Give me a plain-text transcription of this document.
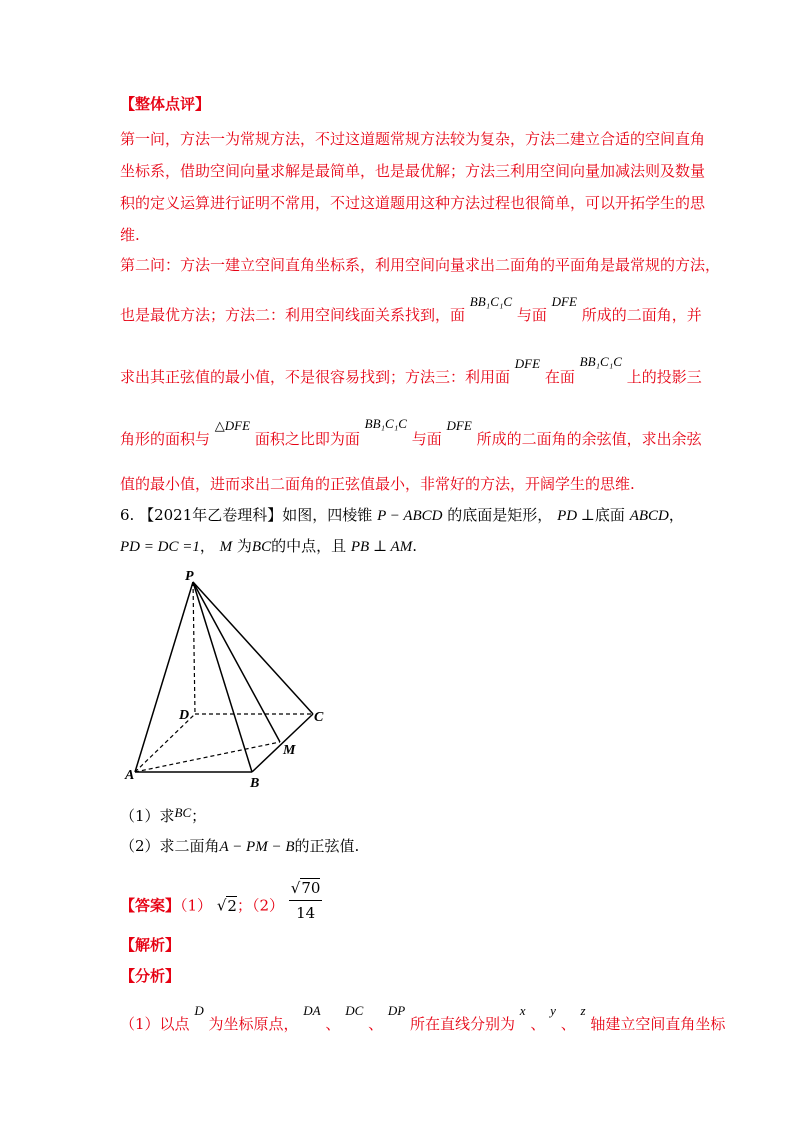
【整体点评】
第一问，方法一为常规方法，不过这道题常规方法较为复杂，方法二建立合适的空间直角
坐标系，借助空间向量求解是最简单，也是最优解；方法三利用空间向量加减法则及数量
积的定义运算进行证明不常用，不过这道题用这种方法过程也很简单，可以开拓学生的思
维.
第二问：方法一建立空间直角坐标系，利用空间向量求出二面角的平面角是最常规的方法，
也是最优方法；方法二：利用空间线面关系找到，面 BB₁C₁C 与面 DFE 所成的二面角，并
求出其正弦值的最小值，不是很容易找到；方法三：利用面 DFE 在面 BB₁C₁C 上的投影三
角形的面积与 △DFE 面积之比即为面 BB₁C₁C 与面 DFE 所成的二面角的余弦值，求出余弦
值的最小值，进而求出二面角的正弦值最小，非常好的方法，开阔学生的思维.
6. 【2021年乙卷理科】如图，四棱锥 P − ABCD 的底面是矩形， PD ⊥底面 ABCD，
PD = DC =1， M 为BC的中点，且 PB ⊥ AM.
P
D	C
M
A
B
（1）求BC；
（2）求二面角A − PM − B的正弦值.
【答案】（1） √2；$(2) \frac{√70}{14}$
【解析】
【分析】
（1）以点 D 为坐标原点， DA 、 DC 、 DP 所在直线分别为 x 、 y 、 z 轴建立空间直角坐标
